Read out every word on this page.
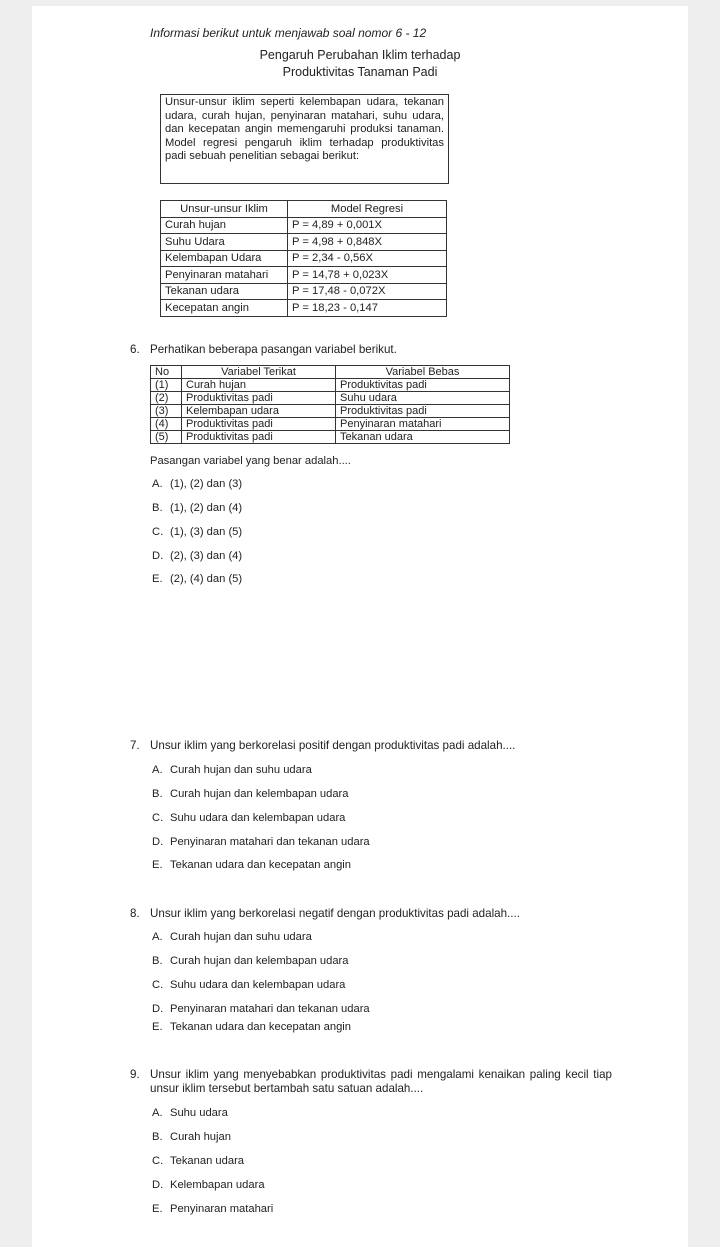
Informasi berikut untuk menjawab soal nomor 6 - 12
Pengaruh Perubahan Iklim terhadap
Produktivitas Tanaman Padi
Unsur-unsur iklim seperti kelembapan udara, tekanan udara, curah hujan, penyinaran matahari, suhu udara, dan kecepatan angin memengaruhi produksi tanaman. Model regresi pengaruh iklim terhadap produktivitas padi sebuah penelitian sebagai berikut:
Unsur-unsur Iklim	Model Regresi
Curah hujan	P = 4,89 + 0,001X
Suhu Udara	P = 4,98 + 0,848X
Kelembapan Udara	P = 2,34 - 0,56X
Penyinaran matahari	P = 14,78 + 0,023X
Tekanan udara	P = 17,48 - 0,072X
Kecepatan angin	P = 18,23 - 0,147
6. Perhatikan beberapa pasangan variabel berikut.
No	Variabel Terikat	Variabel Bebas
(1)	Curah hujan	Produktivitas padi
(2)	Produktivitas padi	Suhu udara
(3)	Kelembapan udara	Produktivitas padi
(4)	Produktivitas padi	Penyinaran matahari
(5)	Produktivitas padi	Tekanan udara
Pasangan variabel yang benar adalah....
A. (1), (2) dan (3)
B. (1), (2) dan (4)
C. (1), (3) dan (5)
D. (2), (3) dan (4)
E. (2), (4) dan (5)
7. Unsur iklim yang berkorelasi positif dengan produktivitas padi adalah....
A. Curah hujan dan suhu udara
B. Curah hujan dan kelembapan udara
C. Suhu udara dan kelembapan udara
D. Penyinaran matahari dan tekanan udara
E. Tekanan udara dan kecepatan angin
8. Unsur iklim yang berkorelasi negatif dengan produktivitas padi adalah....
A. Curah hujan dan suhu udara
B. Curah hujan dan kelembapan udara
C. Suhu udara dan kelembapan udara
D. Penyinaran matahari dan tekanan udara
E. Tekanan udara dan kecepatan angin
9. Unsur iklim yang menyebabkan produktivitas padi mengalami kenaikan paling kecil tiap unsur iklim tersebut bertambah satu satuan adalah....
A. Suhu udara
B. Curah hujan
C. Tekanan udara
D. Kelembapan udara
E. Penyinaran matahari
